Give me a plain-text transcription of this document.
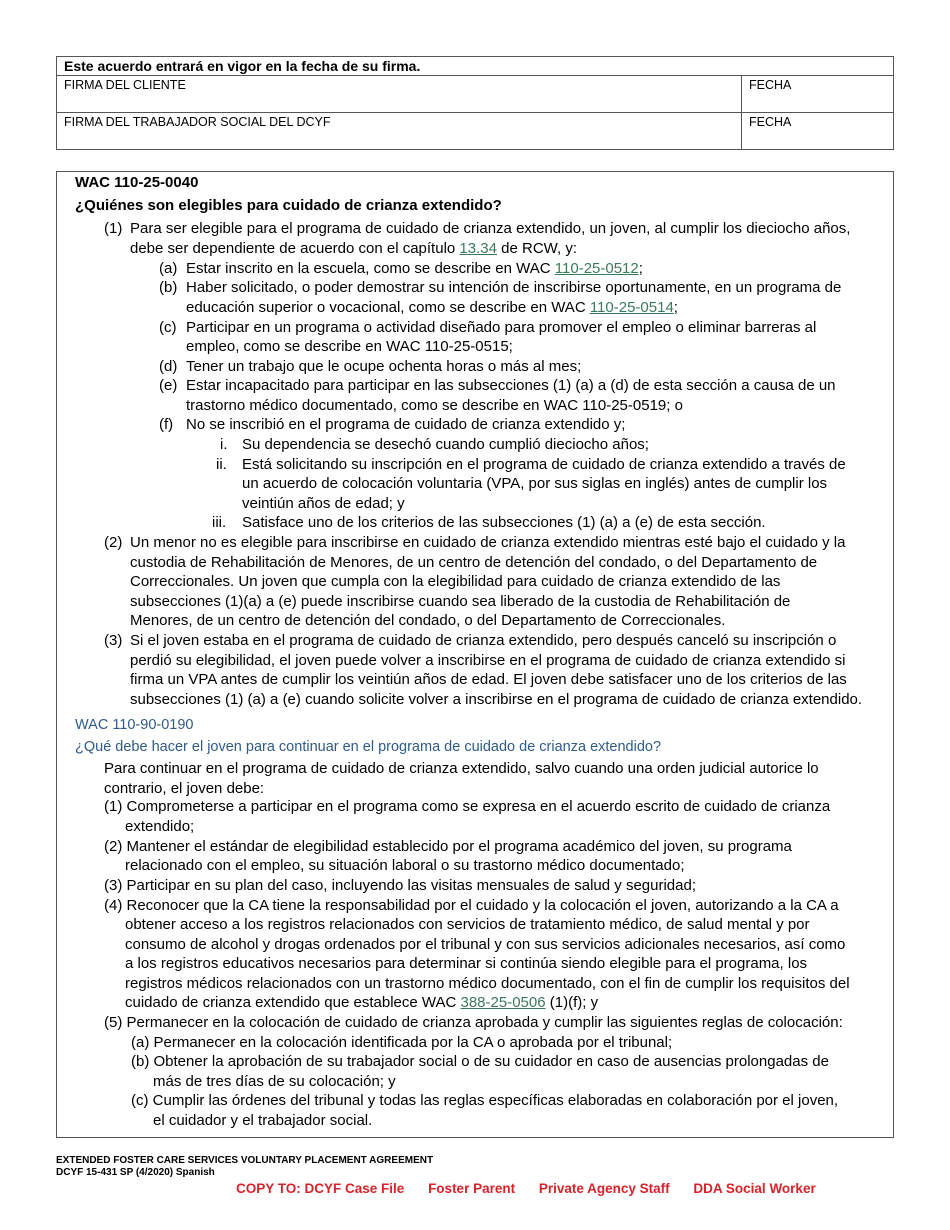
Este acuerdo entrará en vigor en la fecha de su firma.
FIRMA DEL CLIENTE	FECHA
FIRMA DEL TRABAJADOR SOCIAL DEL DCYF	FECHA
WAC 110-25-0040
¿Quiénes son elegibles para cuidado de crianza extendido?
(1) Para ser elegible para el programa de cuidado de crianza extendido, un joven, al cumplir los dieciocho años,
debe ser dependiente de acuerdo con el capítulo 13.34 de RCW, y:
(a) Estar inscrito en la escuela, como se describe en WAC 110-25-0512;
(b) Haber solicitado, o poder demostrar su intención de inscribirse oportunamente, en un programa de
educación superior o vocacional, como se describe en WAC 110-25-0514;
(c) Participar en un programa o actividad diseñado para promover el empleo o eliminar barreras al
empleo, como se describe en WAC 110-25-0515;
(d) Tener un trabajo que le ocupe ochenta horas o más al mes;
(e) Estar incapacitado para participar en las subsecciones (1) (a) a (d) de esta sección a causa de un
trastorno médico documentado, como se describe en WAC 110-25-0519; o
(f) No se inscribió en el programa de cuidado de crianza extendido y;
i. Su dependencia se desechó cuando cumplió dieciocho años;
ii. Está solicitando su inscripción en el programa de cuidado de crianza extendido a través de
un acuerdo de colocación voluntaria (VPA, por sus siglas en inglés) antes de cumplir los
veintiún años de edad; y
iii. Satisface uno de los criterios de las subsecciones (1) (a) a (e) de esta sección.
(2) Un menor no es elegible para inscribirse en cuidado de crianza extendido mientras esté bajo el cuidado y la
custodia de Rehabilitación de Menores, de un centro de detención del condado, o del Departamento de
Correccionales. Un joven que cumpla con la elegibilidad para cuidado de crianza extendido de las
subsecciones (1)(a) a (e) puede inscribirse cuando sea liberado de la custodia de Rehabilitación de
Menores, de un centro de detención del condado, o del Departamento de Correccionales.
(3) Si el joven estaba en el programa de cuidado de crianza extendido, pero después canceló su inscripción o
perdió su elegibilidad, el joven puede volver a inscribirse en el programa de cuidado de crianza extendido si
firma un VPA antes de cumplir los veintiún años de edad. El joven debe satisfacer uno de los criterios de las
subsecciones (1) (a) a (e) cuando solicite volver a inscribirse en el programa de cuidado de crianza extendido.
WAC 110-90-0190
¿Qué debe hacer el joven para continuar en el programa de cuidado de crianza extendido?
Para continuar en el programa de cuidado de crianza extendido, salvo cuando una orden judicial autorice lo
contrario, el joven debe:
(1) Comprometerse a participar en el programa como se expresa en el acuerdo escrito de cuidado de crianza
extendido;
(2) Mantener el estándar de elegibilidad establecido por el programa académico del joven, su programa
relacionado con el empleo, su situación laboral o su trastorno médico documentado;
(3) Participar en su plan del caso, incluyendo las visitas mensuales de salud y seguridad;
(4) Reconocer que la CA tiene la responsabilidad por el cuidado y la colocación el joven, autorizando a la CA a
obtener acceso a los registros relacionados con servicios de tratamiento médico, de salud mental y por
consumo de alcohol y drogas ordenados por el tribunal y con sus servicios adicionales necesarios, así como
a los registros educativos necesarios para determinar si continúa siendo elegible para el programa, los
registros médicos relacionados con un trastorno médico documentado, con el fin de cumplir los requisitos del
cuidado de crianza extendido que establece WAC 388-25-0506 (1)(f); y
(5) Permanecer en la colocación de cuidado de crianza aprobada y cumplir las siguientes reglas de colocación:
(a) Permanecer en la colocación identificada por la CA o aprobada por el tribunal;
(b) Obtener la aprobación de su trabajador social o de su cuidador en caso de ausencias prolongadas de
más de tres días de su colocación; y
(c) Cumplir las órdenes del tribunal y todas las reglas específicas elaboradas en colaboración por el joven,
el cuidador y el trabajador social.
EXTENDED FOSTER CARE SERVICES VOLUNTARY PLACEMENT AGREEMENT
DCYF 15-431 SP (4/2020) Spanish
COPY TO: DCYF Case File Foster Parent Private Agency Staff DDA Social Worker
